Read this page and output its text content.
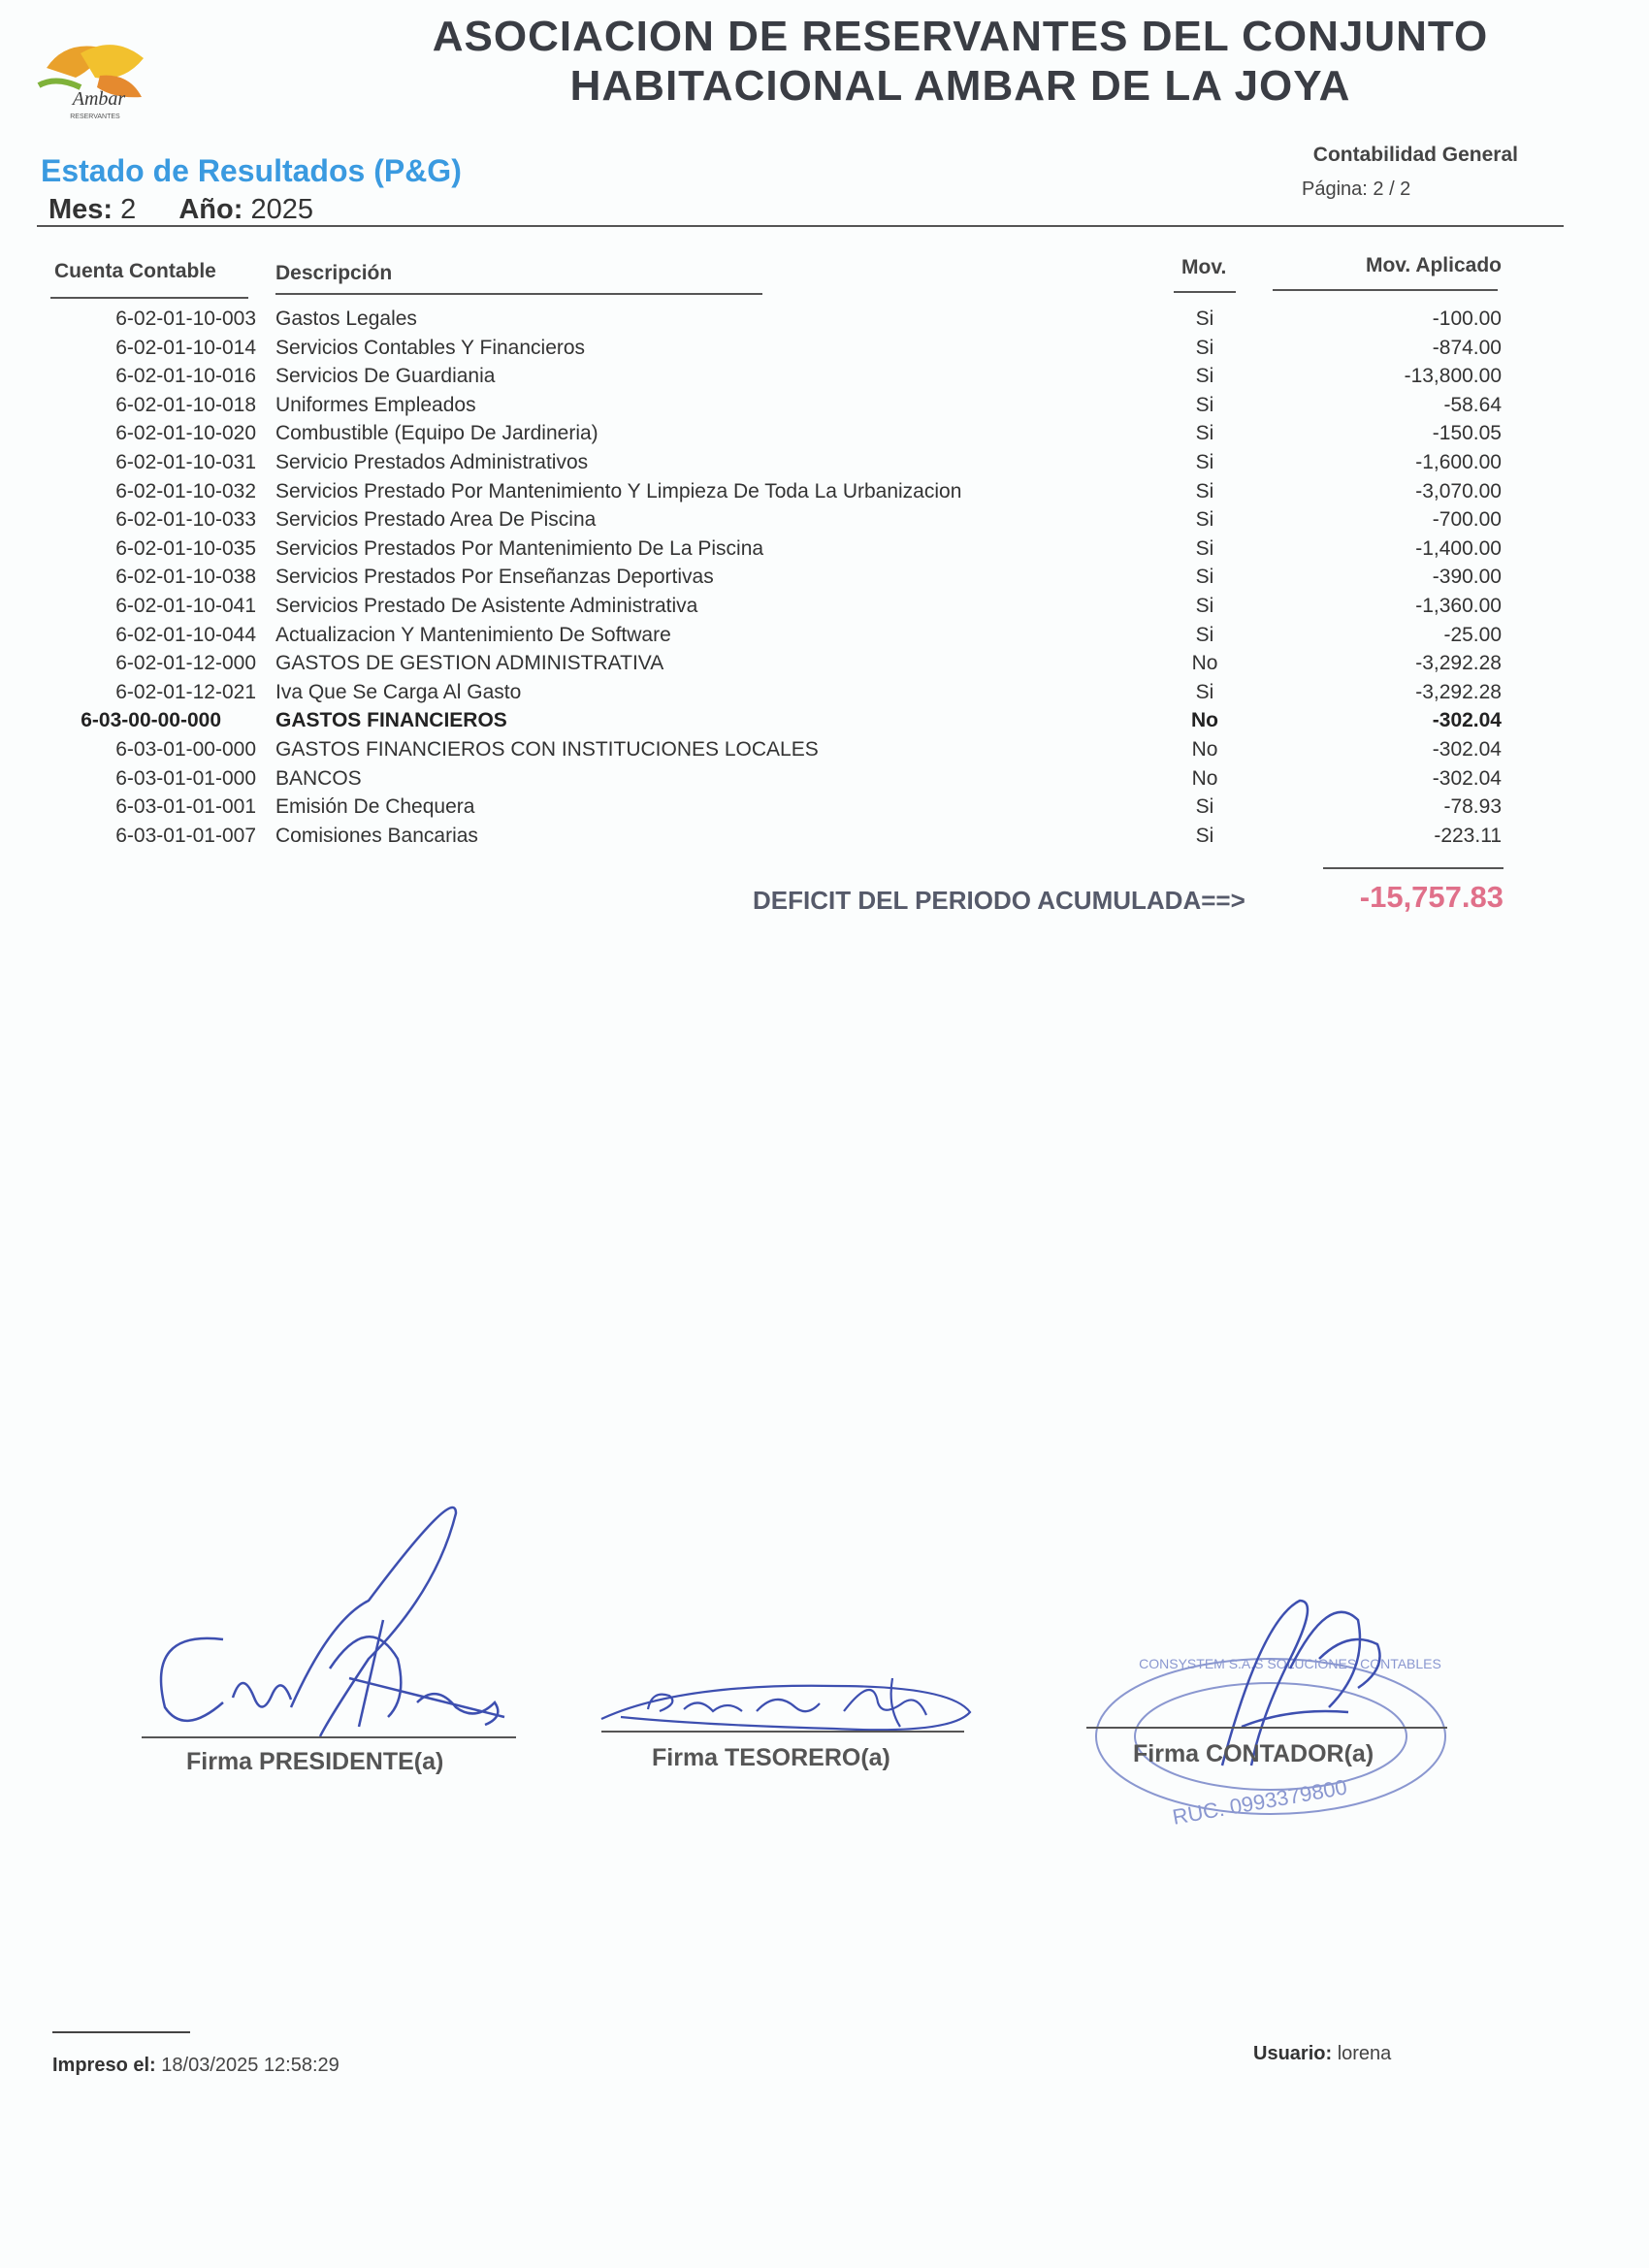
Ambar
RESERVANTES
ASOCIACION DE RESERVANTES DEL CONJUNTO
HABITACIONAL AMBAR DE LA JOYA
Estado de Resultados (P&G)
Mes: 2 Año: 2025
Contabilidad General
Página: 2 / 2
Cuenta Contable	Descripción	Mov.	Mov. Aplicado
6-02-01-10-003 Gastos Legales	Si	-100.00
6-02-01-10-014 Servicios Contables Y Financieros	Si	-874.00
6-02-01-10-016 Servicios De Guardiania	Si	-13,800.00
6-02-01-10-018 Uniformes Empleados	Si	-58.64
6-02-01-10-020 Combustible (Equipo De Jardineria)	Si	-150.05
6-02-01-10-031 Servicio Prestados Administrativos	Si	-1,600.00
6-02-01-10-032 Servicios Prestado Por Mantenimiento Y Limpieza De Toda La Urbanizacion	Si	-3,070.00
6-02-01-10-033 Servicios Prestado Area De Piscina	Si	-700.00
6-02-01-10-035 Servicios Prestados Por Mantenimiento De La Piscina	Si	-1,400.00
6-02-01-10-038 Servicios Prestados Por Enseñanzas Deportivas	Si	-390.00
6-02-01-10-041 Servicios Prestado De Asistente Administrativa	Si	-1,360.00
6-02-01-10-044 Actualizacion Y Mantenimiento De Software	Si	-25.00
6-02-01-12-000 GASTOS DE GESTION ADMINISTRATIVA	No	-3,292.28
6-02-01-12-021 Iva Que Se Carga Al Gasto	Si	-3,292.28
6-03-00-00-000	GASTOS FINANCIEROS	No	-302.04
6-03-01-00-000 GASTOS FINANCIEROS CON INSTITUCIONES LOCALES	No	-302.04
6-03-01-01-000 BANCOS	No	-302.04
6-03-01-01-001 Emisión De Chequera	Si	-78.93
6-03-01-01-007 Comisiones Bancarias	Si	-223.11
DEFICIT DEL PERIODO ACUMULADA==>	-15,757.83
CONSYSTEM S.A.S SOLUCIONES CONTABLES
RUC. 0993379800
Firma PRESIDENTE(a)	Firma TESORERO(a)	Firma CONTADOR(a)
Impreso el: 18/03/2025 12:58:29
Usuario: lorena
